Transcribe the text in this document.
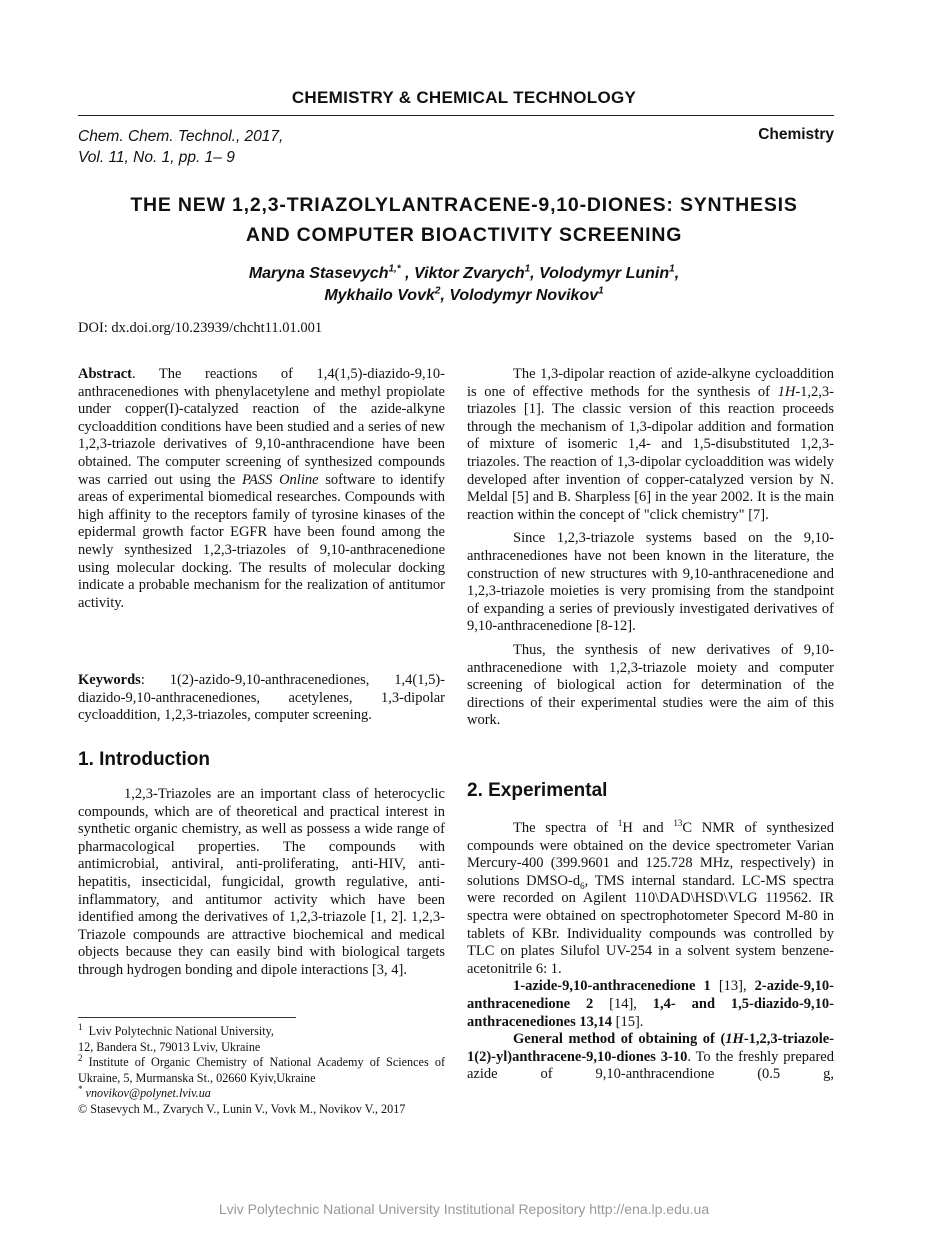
CHEMISTRY & CHEMICAL TECHNOLOGY
Chem. Chem. Technol., 2017,
Vol. 11, No. 1, pp. 1– 9
Chemistry
THE NEW 1,2,3-TRIAZOLYLANTRACENE-9,10-DIONES: SYNTHESIS
AND COMPUTER BIOACTIVITY SCREENING
Maryna Stasevych$^{1,*}$ , Viktor Zvarych$^1$, Volodymyr Lunin$^1$,
Mykhailo Vovk$^2$, Volodymyr Novikov$^1$
DOI: dx.doi.org/10.23939/chcht11.01.001

Abstract. The reactions of 1,4(1,5)-diazido-9,10-anthracenediones with phenylacetylene and methyl propiolate under copper(I)-catalyzed reaction of the azide-alkyne cycloaddition conditions have been studied and a series of new 1,2,3-triazole derivatives of 9,10-anthracendione have been obtained. The computer screening of synthesized compounds was carried out using the PASS Online software to identify areas of experimental biomedical researches. Compounds with high affinity to the receptors family of tyrosine kinases of the epidermal growth factor EGFR have been found among the newly synthesized 1,2,3-triazoles of 9,10-anthracenedione using molecular docking. The results of molecular docking indicate a probable mechanism for the realization of antitumor activity.

Keywords: 1(2)-azido-9,10-anthracenediones, 1,4(1,5)-diazido-9,10-anthracenediones, acetylenes, 1,3-dipolar cycloaddition, 1,2,3-triazoles, computer screening.

1. Introduction

1,2,3-Triazoles are an important class of heterocyclic compounds, which are of theoretical and practical interest in synthetic organic chemistry, as well as possess a wide range of pharmacological properties. The compounds with antimicrobial, antiviral, anti-proliferating, anti-HIV, anti-hepatitis, insecticidal, fungicidal, growth regulative, anti-inflammatory, and antitumor activity which have been identified among the derivatives of 1,2,3-triazole [1, 2]. 1,2,3-Triazole compounds are attractive biochemical and medical objects because they can easily bind with biological targets through hydrogen bonding and dipole interactions [3, 4].

$^1$ Lviv Polytechnic National University,
12, Bandera St., 79013 Lviv, Ukraine
$^2$ Institute of Organic Chemistry of National Academy of Sciences of Ukraine, 5, Murmanska St., 02660 Kyiv,Ukraine
* vnovikov@polynet.lviv.ua
© Stasevych M., Zvarych V., Lunin V., Vovk M., Novikov V., 2017

The 1,3-dipolar reaction of azide-alkyne cycloaddition is one of effective methods for the synthesis of 1H-1,2,3-triazoles [1]. The classic version of this reaction proceeds through the mechanism of 1,3-dipolar addition and formation of mixture of isomeric 1,4- and 1,5-disubstituted 1,2,3-triazoles. The reaction of 1,3-dipolar cycloaddition was widely developed after invention of copper-catalyzed version by N. Meldal [5] and B. Sharpless [6] in the year 2002. It is the main reaction within the concept of "click chemistry" [7].

Since 1,2,3-triazole systems based on the 9,10-anthracenediones have not been known in the literature, the construction of new structures with 9,10-anthracenedione and 1,2,3-triazole moieties is very promising from the standpoint of expanding a series of previously investigated derivatives of 9,10-anthracenedione [8-12].

Thus, the synthesis of new derivatives of 9,10-anthracenedione with 1,2,3-triazole moiety and computer screening of biological action for determination of the directions of their experimental studies were the aim of this work.

2. Experimental

The spectra of $^1$H and $^{13}$C NMR of synthesized compounds were obtained on the device spectrometer Varian Mercury-400 (399.9601 and 125.728 MHz, respectively) in solutions DMSO-$d_6$, TMS internal standard. LC-MS spectra were recorded on Agilent 110\DAD\HSD\VLG 119562. IR spectra were obtained on spectrophotometer Specord M-80 in tablets of KBr. Individuality compounds was controlled by TLC on plates Silufol UV-254 in a solvent system benzene-acetonitrile 6: 1.

1-azide-9,10-anthracenedione 1 [13], 2-azide-9,10-anthracenedione 2 [14], 1,4- and 1,5-diazido-9,10-anthracenediones 13,14 [15].

General method of obtaining of (1H-1,2,3-triazole-1(2)-yl)anthracene-9,10-diones 3-10. To the freshly prepared azide of 9,10-anthracendione (0.5 g,

Lviv Polytechnic National University Institutional Repository http://ena.lp.edu.ua
